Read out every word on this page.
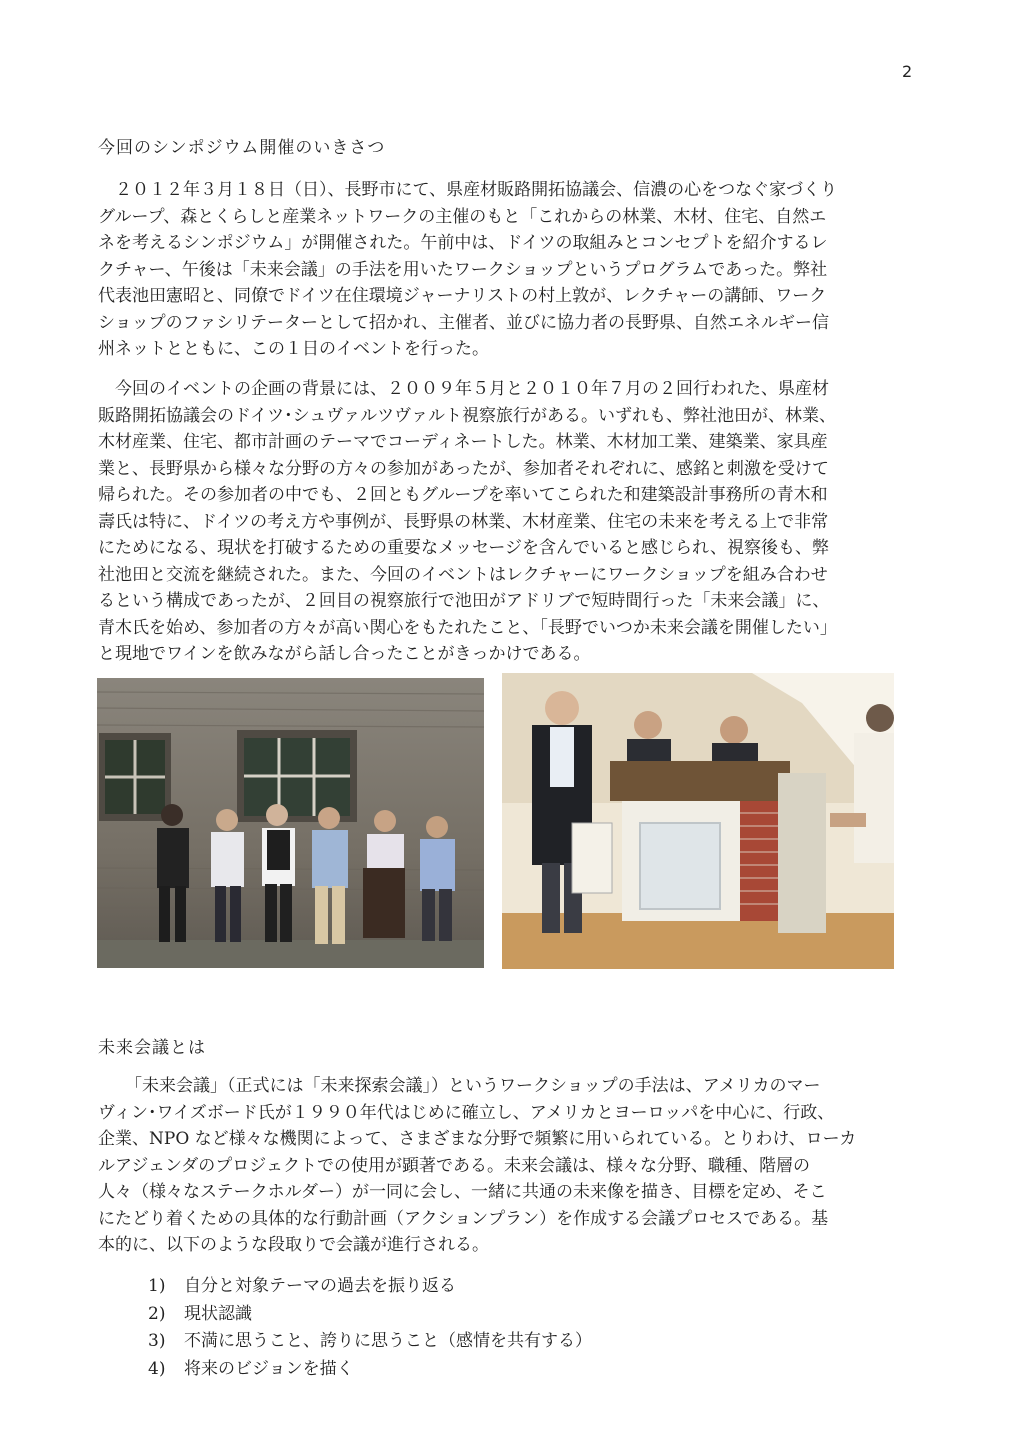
2
今回のシンポジウム開催のいきさつ
２０１２年３月１８日（日）、長野市にて、県産材販路開拓協議会、信濃の心をつなぐ家づくり
グループ、森とくらしと産業ネットワークの主催のもと「これからの林業、木材、住宅、自然エ
ネを考えるシンポジウム」が開催された。午前中は、ドイツの取組みとコンセプトを紹介するレ
クチャー、午後は「未来会議」の手法を用いたワークショップというプログラムであった。弊社
代表池田憲昭と、同僚でドイツ在住環境ジャーナリストの村上敦が、レクチャーの講師、ワーク
ショップのファシリテーターとして招かれ、主催者、並びに協力者の長野県、自然エネルギー信
州ネットとともに、この１日のイベントを行った。
今回のイベントの企画の背景には、２００９年５月と２０１０年７月の２回行われた、県産材
販路開拓協議会のドイツ･シュヴァルツヴァルト視察旅行がある。いずれも、弊社池田が、林業、
木材産業、住宅、都市計画のテーマでコーディネートした。林業、木材加工業、建築業、家具産
業と、長野県から様々な分野の方々の参加があったが、参加者それぞれに、感銘と刺激を受けて
帰られた。その参加者の中でも、２回ともグループを率いてこられた和建築設計事務所の青木和
壽氏は特に、ドイツの考え方や事例が、長野県の林業、木材産業、住宅の未来を考える上で非常
にためになる、現状を打破するための重要なメッセージを含んでいると感じられ、視察後も、弊
社池田と交流を継続された。また、今回のイベントはレクチャーにワークショップを組み合わせ
るという構成であったが、２回目の視察旅行で池田がアドリブで短時間行った「未来会議」に、
青木氏を始め、参加者の方々が高い関心をもたれたこと、「長野でいつか未来会議を開催したい」
と現地でワインを飲みながら話し合ったことがきっかけである。
未来会議とは
「未来会議」（正式には「未来探索会議」）というワークショップの手法は、アメリカのマー
ヴィン･ワイズボード氏が１９９０年代はじめに確立し、アメリカとヨーロッパを中心に、行政、
企業、NPO など様々な機関によって、さまざまな分野で頻繁に用いられている。とりわけ、ローカ
ルアジェンダのプロジェクトでの使用が顕著である。未来会議は、様々な分野、職種、階層の
人々（様々なステークホルダー）が一同に会し、一緒に共通の未来像を描き、目標を定め、そこ
にたどり着くための具体的な行動計画（アクションプラン）を作成する会議プロセスである。基
本的に、以下のような段取りで会議が進行される。
1) 自分と対象テーマの過去を振り返る
2) 現状認識
3) 不満に思うこと、誇りに思うこと（感情を共有する）
4) 将来のビジョンを描く
